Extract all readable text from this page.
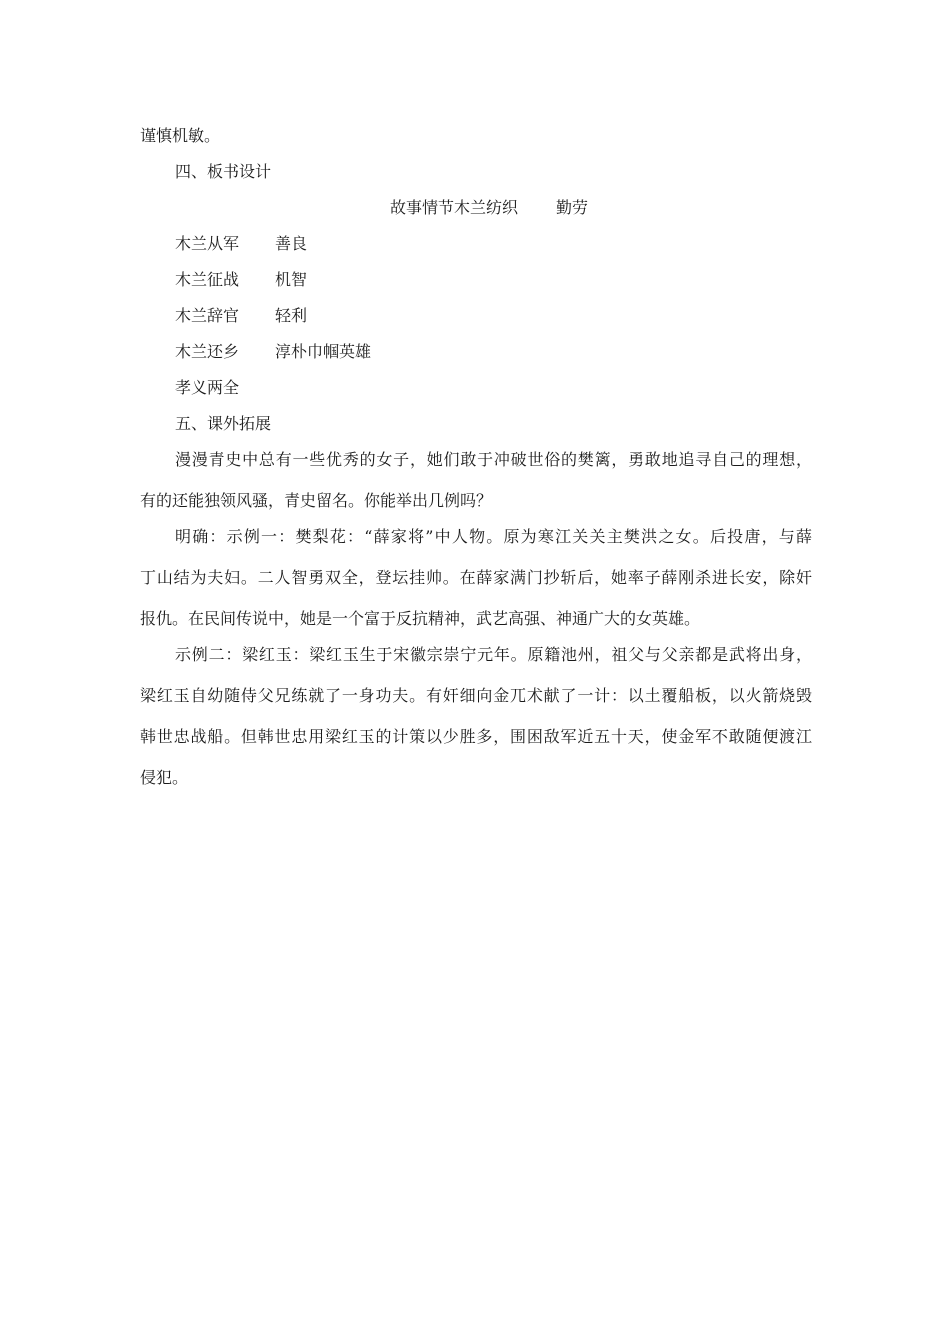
谨慎机敏。
四、板书设计
故事情节木兰纺织 勤劳
木兰从军 善良
木兰征战 机智
木兰辞官 轻利
木兰还乡 淳朴巾帼英雄
孝义两全
五、课外拓展
漫漫青史中总有一些优秀的女子，她们敢于冲破世俗的樊篱，勇敢地追寻自己的理想，
有的还能独领风骚，青史留名。你能举出几例吗？
明确：示例一：樊梨花：“薛家将”中人物。原为寒江关关主樊洪之女。后投唐，与薛
丁山结为夫妇。二人智勇双全，登坛挂帅。在薛家满门抄斩后，她率子薛刚杀进长安，除奸
报仇。在民间传说中，她是一个富于反抗精神，武艺高强、神通广大的女英雄。
示例二：梁红玉：梁红玉生于宋徽宗崇宁元年。原籍池州，祖父与父亲都是武将出身，
梁红玉自幼随侍父兄练就了一身功夫。有奸细向金兀术献了一计：以土覆船板，以火箭烧毁
韩世忠战船。但韩世忠用梁红玉的计策以少胜多，围困敌军近五十天，使金军不敢随便渡江
侵犯。
